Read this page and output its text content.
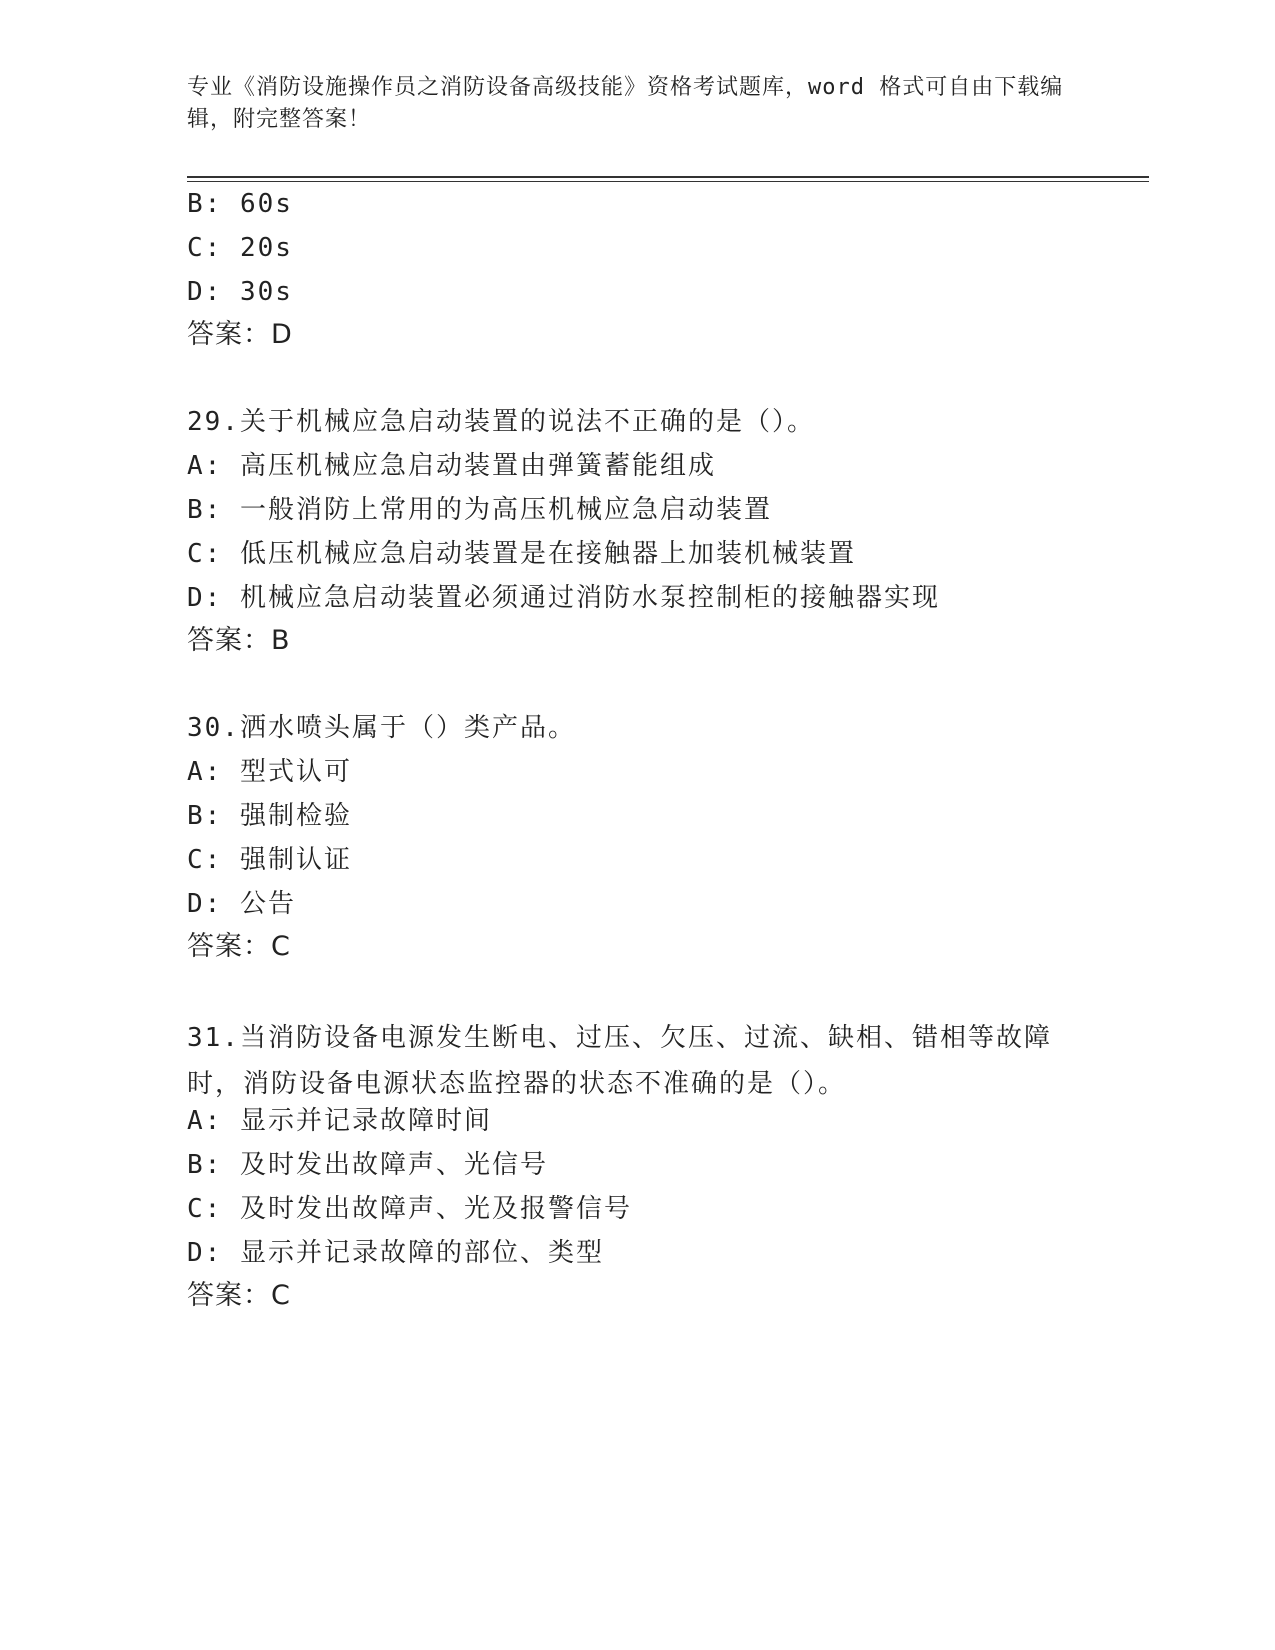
专业《消防设施操作员之消防设备高级技能》资格考试题库，word 格式可自由下载编辑，附完整答案！
B: 60s
C: 20s
D: 30s
答案：D
29.关于机械应急启动装置的说法不正确的是（）。
A: 高压机械应急启动装置由弹簧蓄能组成
B: 一般消防上常用的为高压机械应急启动装置
C: 低压机械应急启动装置是在接触器上加装机械装置
D: 机械应急启动装置必须通过消防水泵控制柜的接触器实现
答案：B
30.洒水喷头属于（）类产品。
A: 型式认可
B: 强制检验
C: 强制认证
D: 公告
答案：C
31.当消防设备电源发生断电、过压、欠压、过流、缺相、错相等故障时，消防设备电源状态监控器的状态不准确的是（）。
A: 显示并记录故障时间
B: 及时发出故障声、光信号
C: 及时发出故障声、光及报警信号
D: 显示并记录故障的部位、类型
答案：C
